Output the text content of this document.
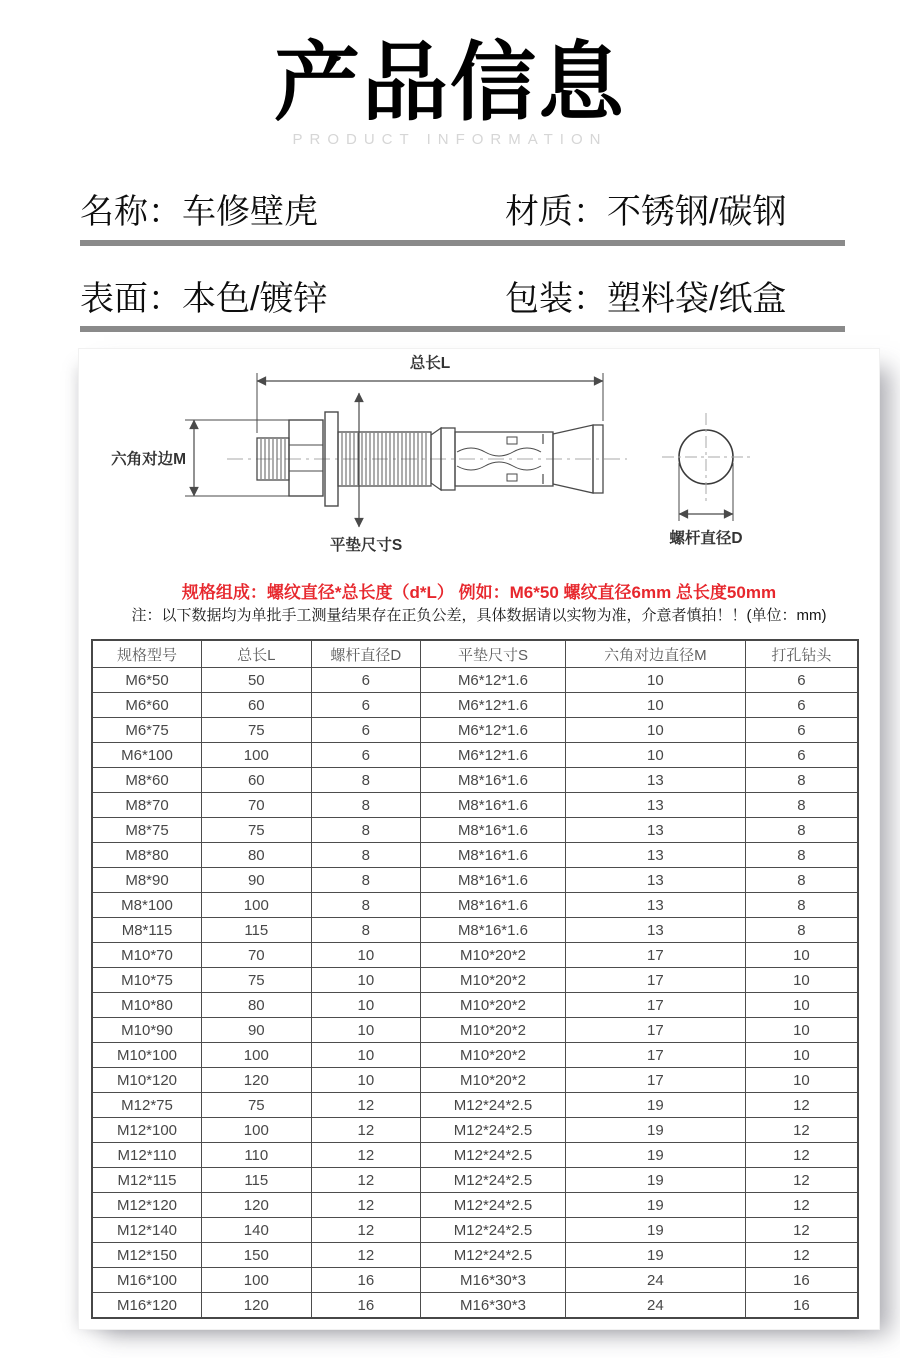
产品信息
PRODUCT INFORMATION
名称：车修壁虎	材质：不锈钢/碳钢
表面：本色/镀锌	包装：塑料袋/纸盒
总长L
六角对边M
平垫尺寸S	螺杆直径D
规格组成：螺纹直径*总长度（d*L） 例如：M6*50 螺纹直径6mm 总长度50mm
注：以下数据均为单批手工测量结果存在正负公差，具体数据请以实物为准，介意者慎拍！！(单位：mm)
规格型号	总长L	螺杆直径D	平垫尺寸S	六角对边直径M	打孔钻头
M6*50	50	6	M6*12*1.6	10	6
M6*60	60	6	M6*12*1.6	10	6
M6*75	75	6	M6*12*1.6	10	6
M6*100	100	6	M6*12*1.6	10	6
M8*60	60	8	M8*16*1.6	13	8
M8*70	70	8	M8*16*1.6	13	8
M8*75	75	8	M8*16*1.6	13	8
M8*80	80	8	M8*16*1.6	13	8
M8*90	90	8	M8*16*1.6	13	8
M8*100	100	8	M8*16*1.6	13	8
M8*115	115	8	M8*16*1.6	13	8
M10*70	70	10	M10*20*2	17	10
M10*75	75	10	M10*20*2	17	10
M10*80	80	10	M10*20*2	17	10
M10*90	90	10	M10*20*2	17	10
M10*100	100	10	M10*20*2	17	10
M10*120	120	10	M10*20*2	17	10
M12*75	75	12	M12*24*2.5	19	12
M12*100	100	12	M12*24*2.5	19	12
M12*110	110	12	M12*24*2.5	19	12
M12*115	115	12	M12*24*2.5	19	12
M12*120	120	12	M12*24*2.5	19	12
M12*140	140	12	M12*24*2.5	19	12
M12*150	150	12	M12*24*2.5	19	12
M16*100	100	16	M16*30*3	24	16
M16*120	120	16	M16*30*3	24	16
